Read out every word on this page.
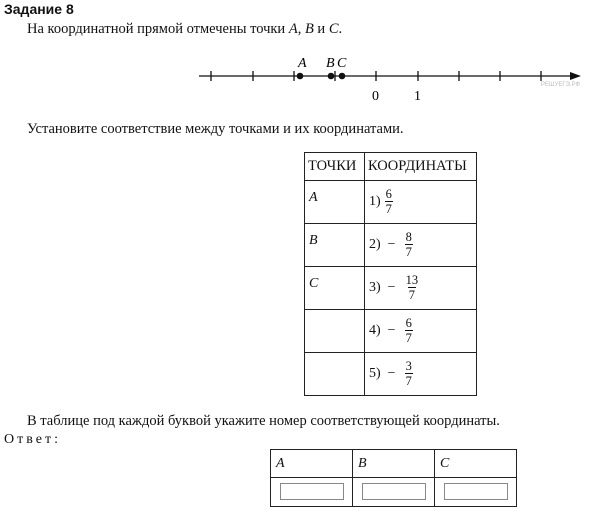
Задание 8
На координатной прямой отмечены точки A, B и C.
A B C
0	1
РЕШУЕГЭ.РФ
Установите соответствие между точками и их координатами.
ТОЧКИ	КООРДИНАТЫ

A	$1) \frac{6}{7}$

B	$2) - \frac{8}{7}$

C	$3) - \frac{13}{7}$

	$4) - \frac{6}{7}$

	$5) - \frac{3}{7}$
В таблице под каждой буквой укажите номер соответствующей координаты.
Ответ:
A	B	C
